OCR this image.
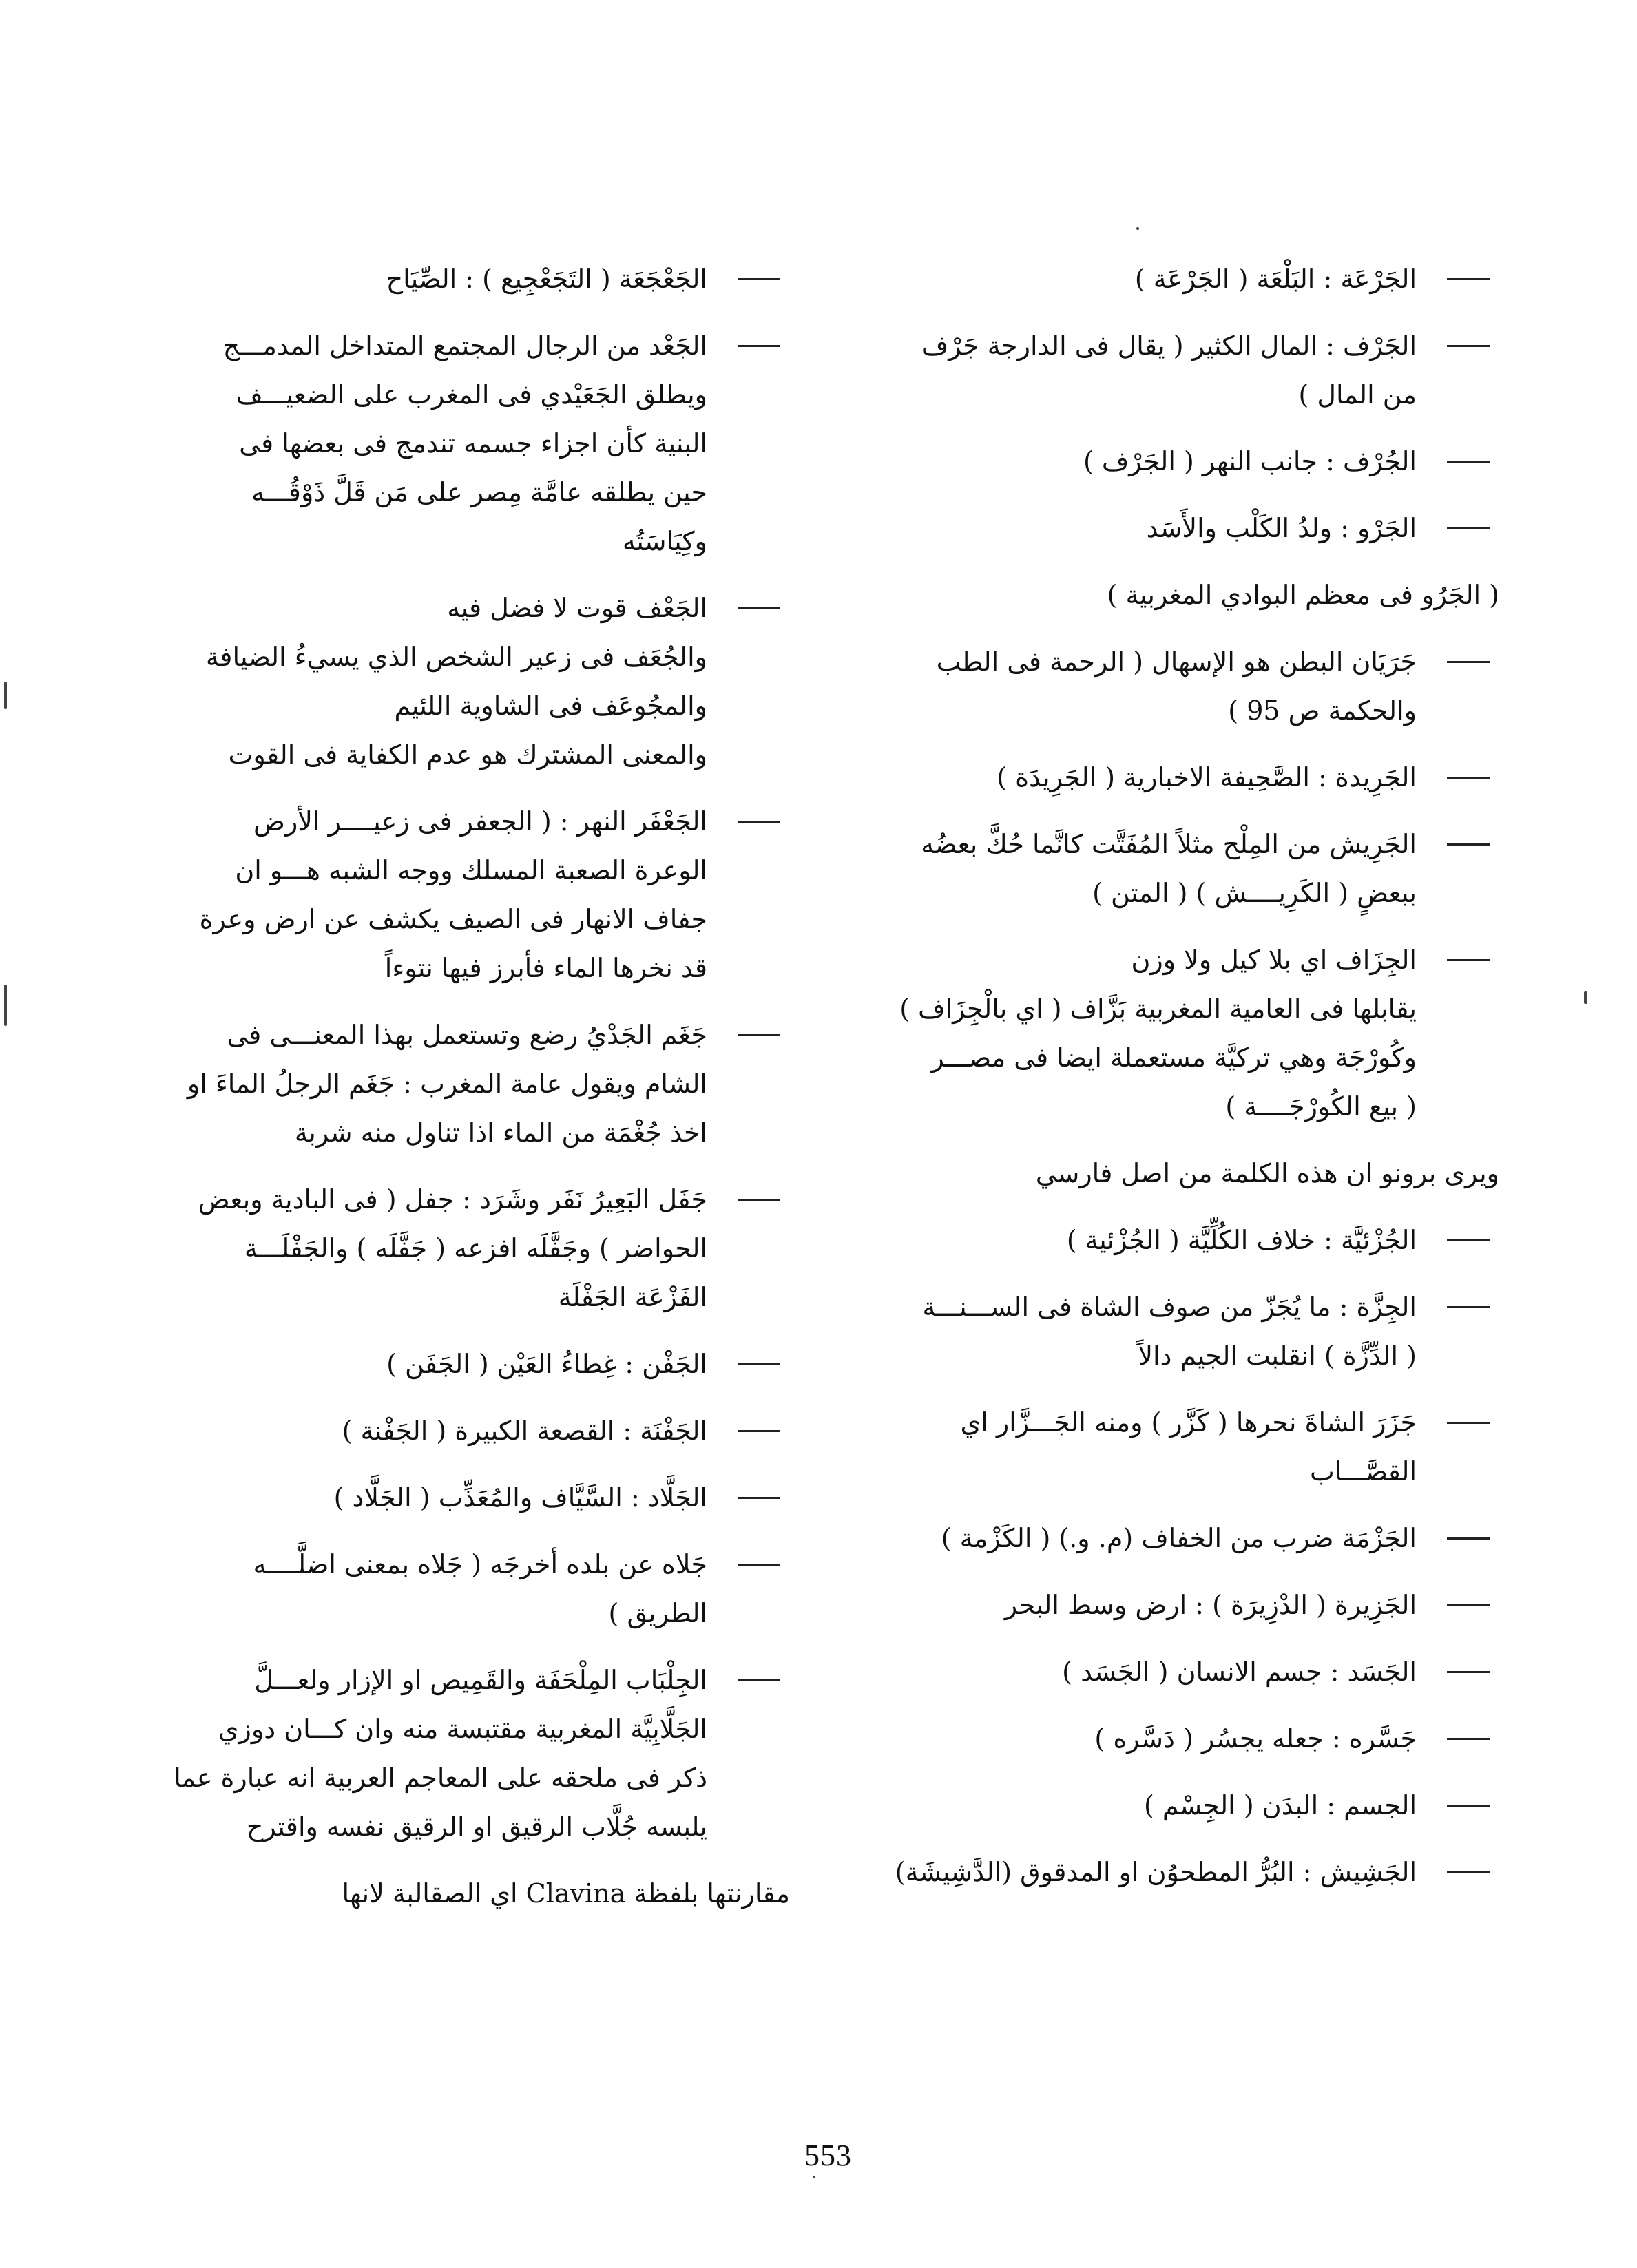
الجَرْعَة : البَلْعَة ( الجَرْعَة )
الجَرْف : المال الكثير ( يقال فى الدارجة جَرْف
من المال )
الجُرْف : جانب النهر ( الجَرْف )
الجَرْو : ولدُ الكَلْب والأَسَد
( الجَرُو فى معظم البوادي المغربية )
جَرَيَان البطن هو الإسهال ( الرحمة فى الطب
والحكمة ص 95 )
الجَرِيدة : الصَّحِيفة الاخبارية ( الجَرِيدَة )
الجَرِيش من المِلْح مثلاً المُفَتَّت كانَّما حُكَّ بعضُه
ببعضٍ ( الكَرِيــــش ) ( المتن )
الجِزَاف اي بلا كيل ولا وزن
يقابلها فى العامية المغربية بَزَّاف ( اي بالْجِزَاف )
وكُورْجَة وهي تركيَّة مستعملة ايضا فى مصـــر
( بيع الكُورْجَــــة )
ويرى برونو ان هذه الكلمة من اصل فارسي
الجُزْئيَّة : خلاف الكُلِّيَّة ( الجُزْئية )
الجِزَّة : ما يُجَزّ من صوف الشاة فى الســـنـــة
( الدِّزَّة ) انقلبت الجيم دالاً
جَزَرَ الشاةَ نحرها ( كَزَّر ) ومنه الجَـــزَّار اي
القصَّـــاب
الجَزْمَة ضرب من الخفاف (م. و.) ( الكَزْمة )
الجَزِيرة ( الدْزِيرَة ) : ارض وسط البحر
الجَسَد : جسم الانسان ( الجَسَد )
جَسَّره : جعله يجسُر ( دَسَّره )
الجسم : البدَن ( الجِسْم )
الجَشِيش : البُرُّ المطحوُن او المدقوق (الدَّشِيشَة)
الجَعْجَعَة ( التَجَعْجِيع ) : الصِّيَاح
الجَعْد من الرجال المجتمع المتداخل المدمـــج
ويطلق الجَعَيْدي فى المغرب على الضعيـــف
البنية كأن اجزاء جسمه تندمج فى بعضها فى
حين يطلقه عامَّة مِصر على مَن قَلَّ ذَوْقُـــه
وكِيَاسَتُه
الجَعْف قوت لا فضل فيه
والجُعَف فى زعير الشخص الذي يسيءُ الضيافة
والمجُوعَف فى الشاوية اللئيم
والمعنى المشترك هو عدم الكفاية فى القوت
الجَعْفَر النهر : ( الجعفر فى زعيــــر الأرض
الوعرة الصعبة المسلك ووجه الشبه هـــو ان
جفاف الانهار فى الصيف يكشف عن ارض وعرة
قد نخرها الماء فأبرز فيها نتوءاً
جَغَم الجَدْيُ رضع وتستعمل بهذا المعنـــى فى
الشام ويقول عامة المغرب : جَغَم الرجلُ الماءَ او
اخذ جُغْمَة من الماء اذا تناول منه شربة
جَفَل البَعِيرُ نَفَر وشَرَد : جفل ( فى البادية وبعض
الحواضر ) وجَفَّلَه افزعه ( جَفَّلَه ) والجَفْلَـــة
الفَزْعَة الجَفْلَة
الجَفْن : غِطاءُ العَيْن ( الجَفَن )
الجَفْنَة : القصعة الكبيرة ( الجَفْنة )
الجَلَّاد : السَّيَّاف والمُعَذِّب ( الجَلَّاد )
جَلاه عن بلده أخرجَه ( جَلاه بمعنى اضلَّــــه
الطريق )
الجِلْبَاب المِلْحَفَة والقَمِيص او الإزار ولعـــلَّ
الجَلَّابِيَّة المغربية مقتبسة منه وان كـــان دوزي
ذكر فى ملحقه على المعاجم العربية انه عبارة عما
يلبسه جُلَّاب الرقيق او الرقيق نفسه واقترح
مقارنتها بلفظة Clavina اي الصقالبة لانها
553
